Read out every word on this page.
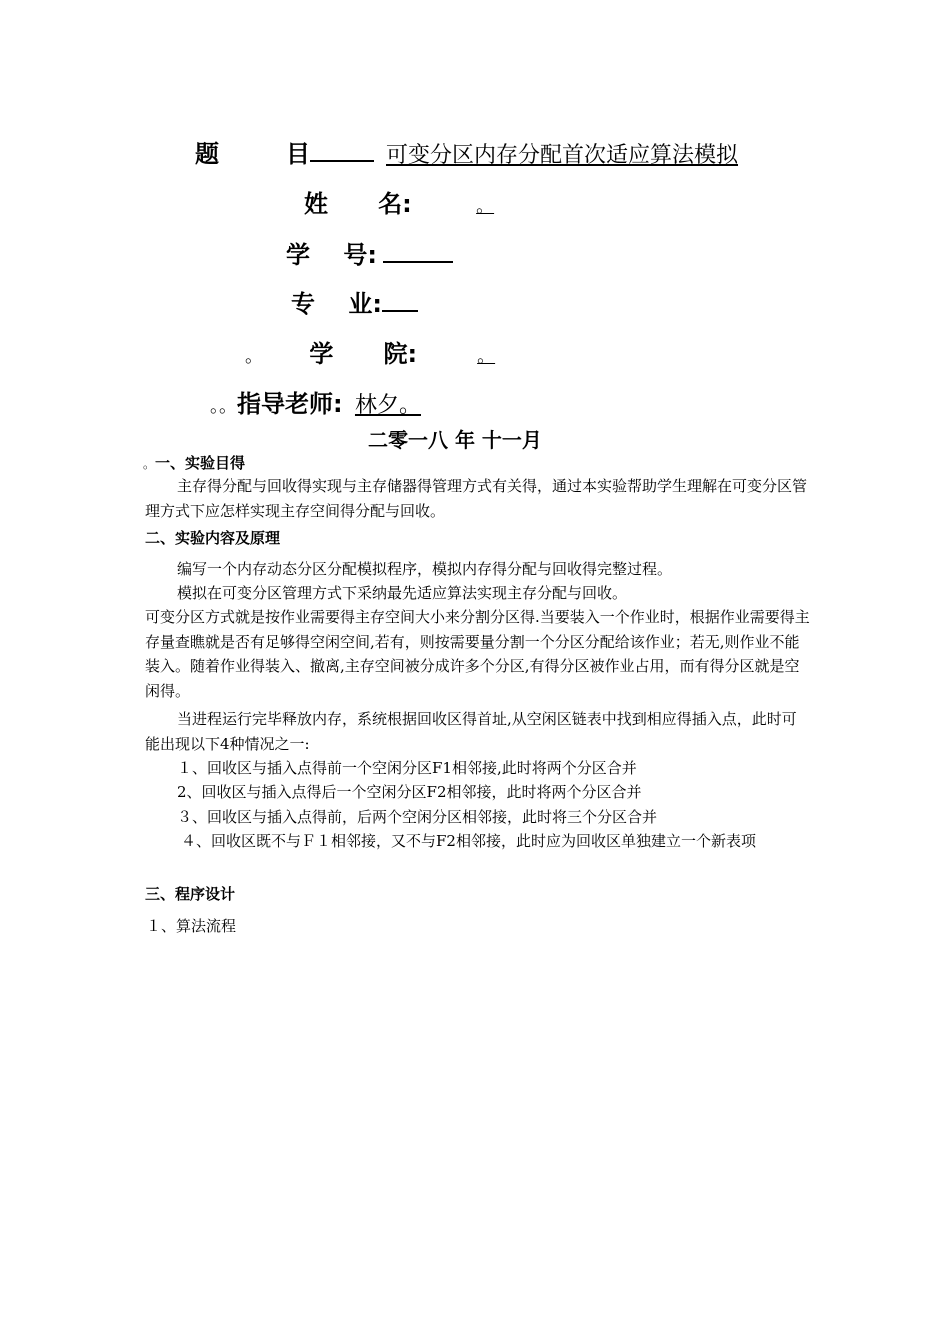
题	目	可变分区内存分配首次适应算法模拟
姓      名:	。
学    号:
专    业:
。 学      院:	。
。。指导老师: 林夕。
二零一八 年 十一月
。一、实验目得
主存得分配与回收得实现与主存储器得管理方式有关得，通过本实验帮助学生理解在可变分区管理方式下应怎样实现主存空间得分配与回收。
二、实验内容及原理
编写一个内存动态分区分配模拟程序，模拟内存得分配与回收得完整过程。
模拟在可变分区管理方式下采纳最先适应算法实现主存分配与回收。
可变分区方式就是按作业需要得主存空间大小来分割分区得.当要装入一个作业时，根据作业需要得主存量查瞧就是否有足够得空闲空间,若有，则按需要量分割一个分区分配给该作业；若无,则作业不能装入。随着作业得装入、撤离,主存空间被分成许多个分区,有得分区被作业占用，而有得分区就是空闲得。
当进程运行完毕释放内存，系统根据回收区得首址,从空闲区链表中找到相应得插入点，此时可能出现以下4种情况之一:
１、回收区与插入点得前一个空闲分区F1相邻接,此时将两个分区合并
2、回收区与插入点得后一个空闲分区F2相邻接，此时将两个分区合并
３、回收区与插入点得前，后两个空闲分区相邻接，此时将三个分区合并
４、回收区既不与Ｆ１相邻接，又不与F2相邻接，此时应为回收区单独建立一个新表项
三、程序设计
１、算法流程
